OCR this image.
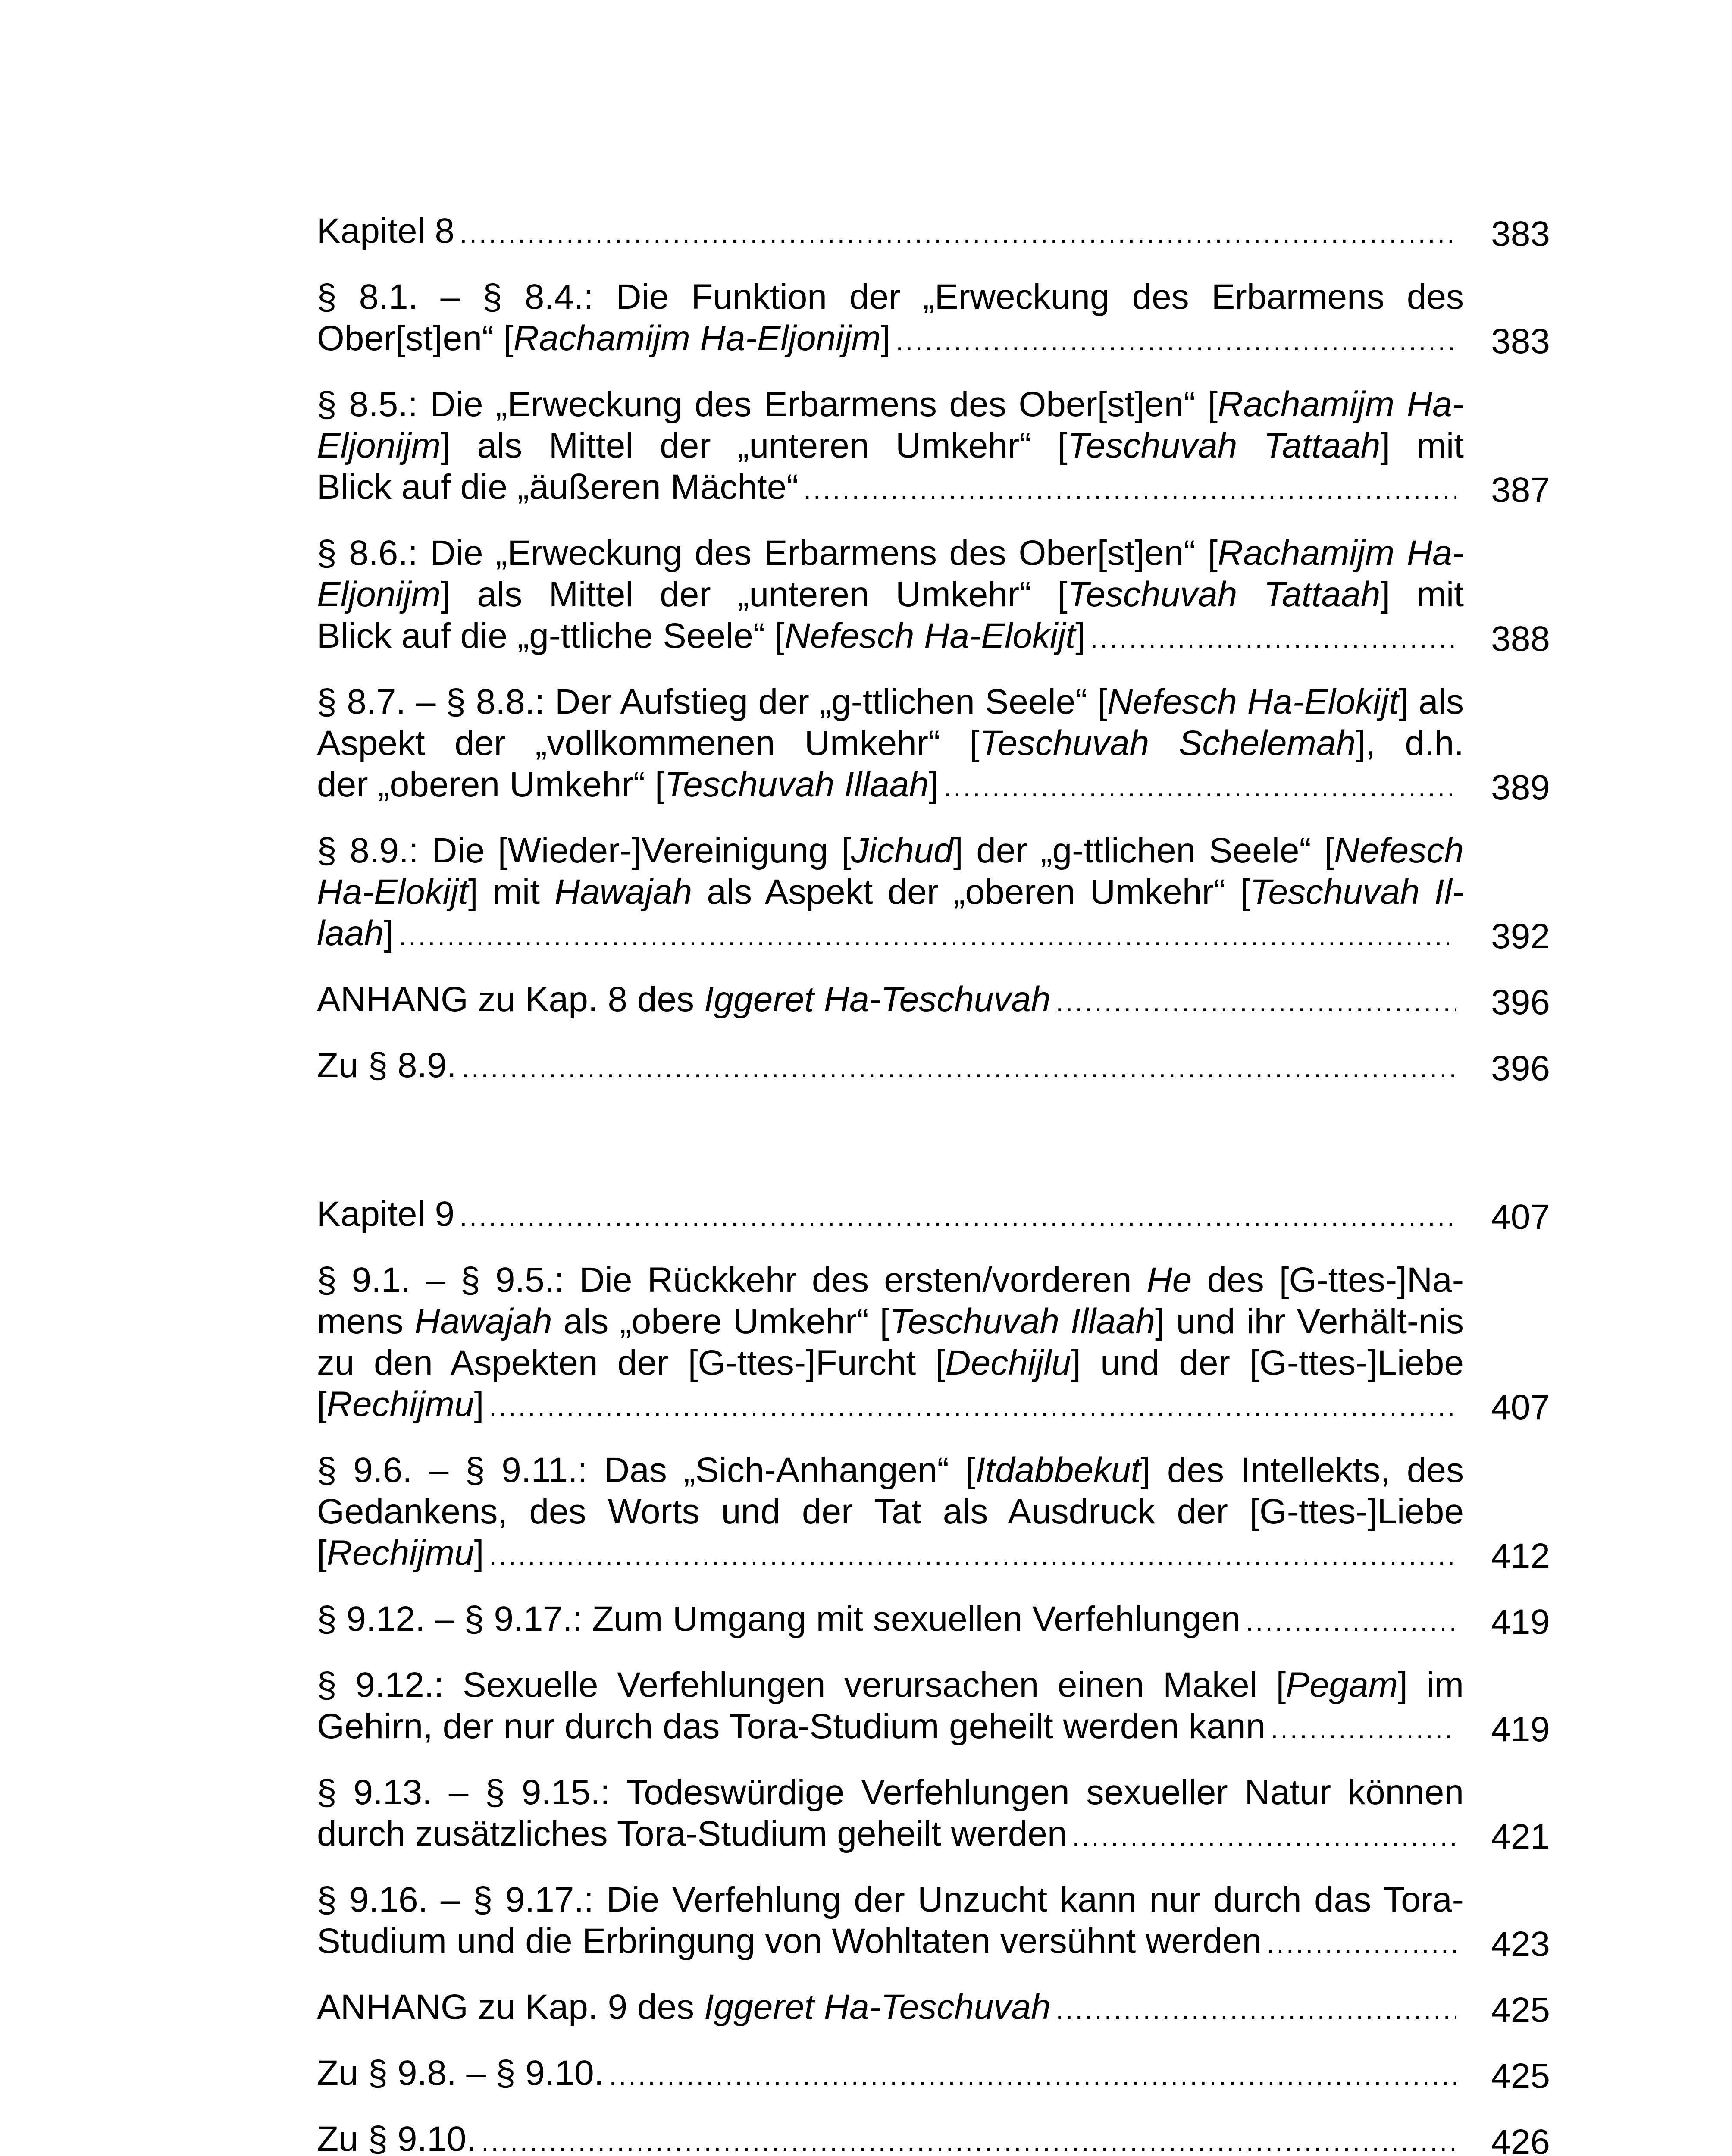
Kapitel 8 . . .	383
§ 8.1. – § 8.4.: Die Funktion der „Erweckung des Erbarmens des
Ober[st]en“ [Rachamijm Ha-Eljonijm] . . .	383
§ 8.5.: Die „Erweckung des Erbarmens des Ober[st]en“ [Rachamijm Ha-Eljonijm] als Mittel der „unteren Umkehr“ [Teschuvah Tattaah] mit
Blick auf die „äußeren Mächte“ . . .	387
§ 8.6.: Die „Erweckung des Erbarmens des Ober[st]en“ [Rachamijm Ha-Eljonijm] als Mittel der „unteren Umkehr“ [Teschuvah Tattaah] mit
Blick auf die „g-ttliche Seele“ [Nefesch Ha-Elokijt] . . .	388
§ 8.7. – § 8.8.: Der Aufstieg der „g-ttlichen Seele“ [Nefesch Ha-Elokijt] als Aspekt der „vollkommenen Umkehr“ [Teschuvah Schelemah], d.h.
der „oberen Umkehr“ [Teschuvah Illaah] . . .	389
§ 8.9.: Die [Wieder-]Vereinigung [Jichud] der „g-ttlichen Seele“ [Nefesch Ha-Elokijt] mit Hawajah als Aspekt der „oberen Umkehr“ [Teschuvah Il-
laah] . . .	392
ANHANG zu Kap. 8 des Iggeret Ha-Teschuvah . . .	396
Zu § 8.9. . . .	396
Kapitel 9 . . .	407
§ 9.1. – § 9.5.: Die Rückkehr des ersten/vorderen He des [G-ttes-]Na-mens Hawajah als „obere Umkehr“ [Teschuvah Illaah] und ihr Verhält-nis zu den Aspekten der [G-ttes-]Furcht [Dechijlu] und der [G-ttes-]Liebe
[Rechijmu] . . .	407
§ 9.6. – § 9.11.: Das „Sich-Anhangen“ [Itdabbekut] des Intellekts, des Gedankens, des Worts und der Tat als Ausdruck der [G-ttes-]Liebe
[Rechijmu] . . .	412
§ 9.12. – § 9.17.: Zum Umgang mit sexuellen Verfehlungen . . .	419
§ 9.12.: Sexuelle Verfehlungen verursachen einen Makel [Pegam] im
Gehirn, der nur durch das Tora-Studium geheilt werden kann . . .	419
§ 9.13. – § 9.15.: Todeswürdige Verfehlungen sexueller Natur können
durch zusätzliches Tora-Studium geheilt werden . . .	421
§ 9.16. – § 9.17.: Die Verfehlung der Unzucht kann nur durch das Tora-
Studium und die Erbringung von Wohltaten versühnt werden . . .	423
ANHANG zu Kap. 9 des Iggeret Ha-Teschuvah . . .	425
Zu § 9.8. – § 9.10. . . .	425
Zu § 9.10. . . .	426
